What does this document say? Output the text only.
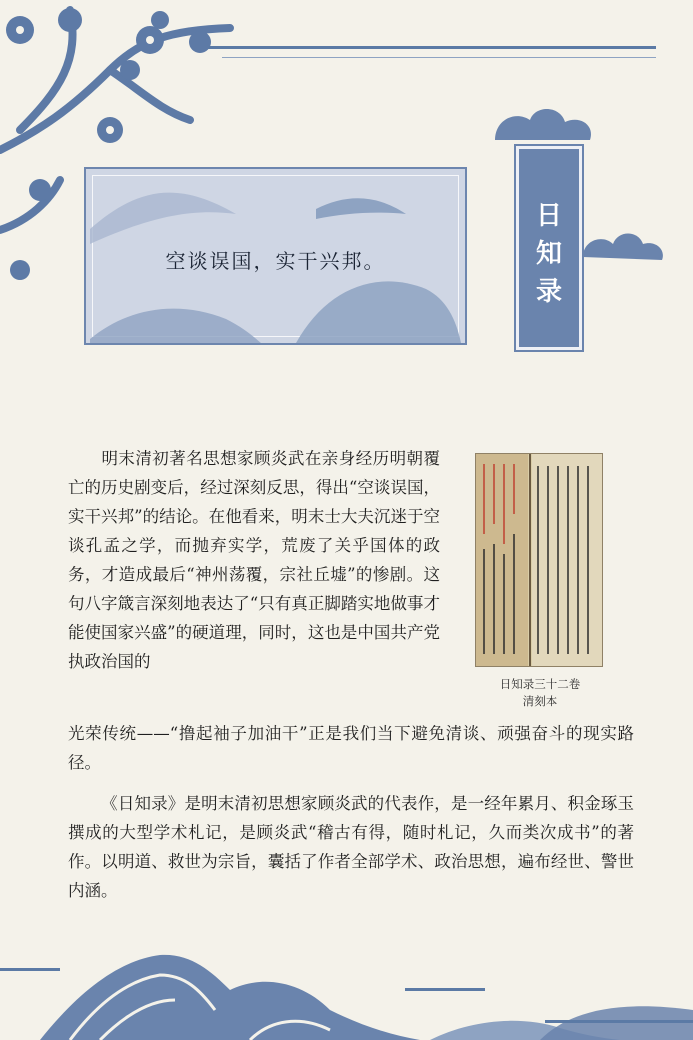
空谈误国，实干兴邦。
日
知
录

明末清初著名思想家顾炎武在亲身经历明朝覆亡的历史剧变后，经过深刻反思，得出“空谈误国，实干兴邦”的结论。在他看来，明末士大夫沉迷于空谈孔孟之学，而抛弃实学，荒废了关乎国体的政务，才造成最后“神州荡覆，宗社丘墟”的惨剧。这句八字箴言深刻地表达了“只有真正脚踏实地做事才能使国家兴盛”的硬道理，同时，这也是中国共产党执政治国的

光荣传统——“撸起袖子加油干”正是我们当下避免清谈、顽强奋斗的现实路径。

日知录三十二卷
清刻本

《日知录》是明末清初思想家顾炎武的代表作，是一经年累月、积金琢玉撰成的大型学术札记，是顾炎武“稽古有得，随时札记，久而类次成书”的著作。以明道、救世为宗旨，囊括了作者全部学术、政治思想，遍布经世、警世内涵。
